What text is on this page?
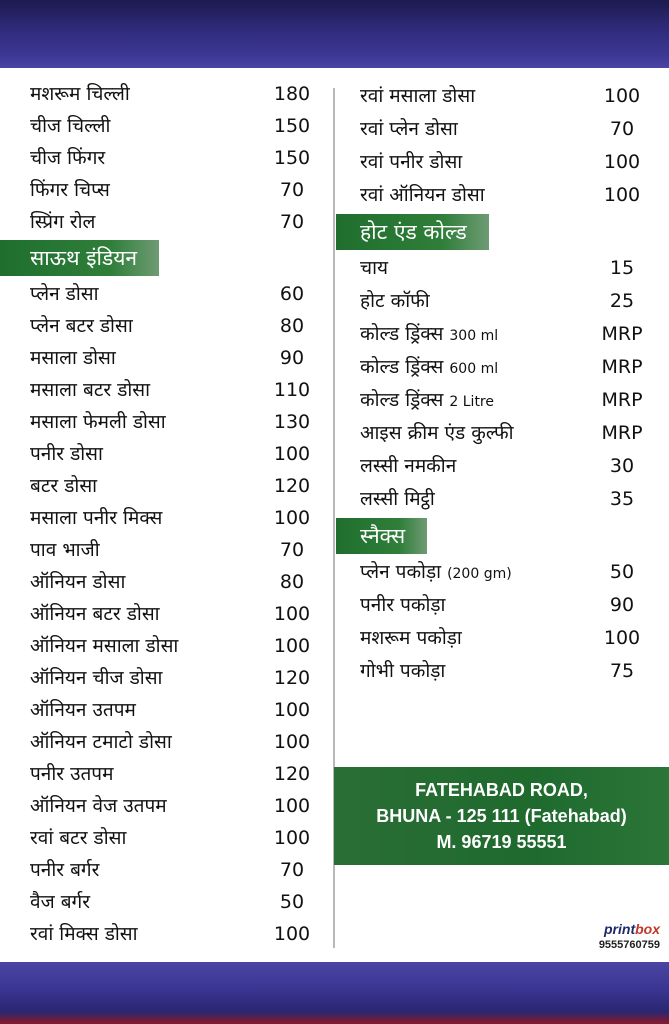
मशरूम चिल्ली	180
चीज चिल्ली	150
चीज फिंगर	150
फिंगर चिप्स	70
स्प्रिंग रोल	70
साऊथ इंडियन
प्लेन डोसा	60
प्लेन बटर डोसा	80
मसाला डोसा	90
मसाला बटर डोसा	110
मसाला फेमली डोसा	130
पनीर डोसा	100
बटर डोसा	120
मसाला पनीर मिक्स	100
पाव भाजी	70
ऑनियन डोसा	80
ऑनियन बटर डोसा	100
ऑनियन मसाला डोसा	100
ऑनियन चीज डोसा	120
ऑनियन उतपम	100
ऑनियन टमाटो डोसा	100
पनीर उतपम	120
ऑनियन वेज उतपम	100
रवां बटर डोसा	100
पनीर बर्गर	70
वैज बर्गर	50
रवां मिक्स डोसा	100
रवां मसाला डोसा	100
रवां प्लेन डोसा	70
रवां पनीर डोसा	100
रवां ऑनियन डोसा	100
होट एंड कोल्ड
चाय	15
होट कॉफी	25
कोल्ड ड्रिंक्स 300 ml	MRP
कोल्ड ड्रिंक्स 600 ml	MRP
कोल्ड ड्रिंक्स 2 Litre	MRP
आइस क्रीम एंड कुल्फी	MRP
लस्सी नमकीन	30
लस्सी मिट्ठी	35
स्नैक्स
प्लेन पकोड़ा (200 gm)	50
पनीर पकोड़ा	90
मशरूम पकोड़ा	100
गोभी पकोड़ा	75
FATEHABAD ROAD,
BHUNA - 125 111 (Fatehabad)
M. 96719 55551
printbox
9555760759
